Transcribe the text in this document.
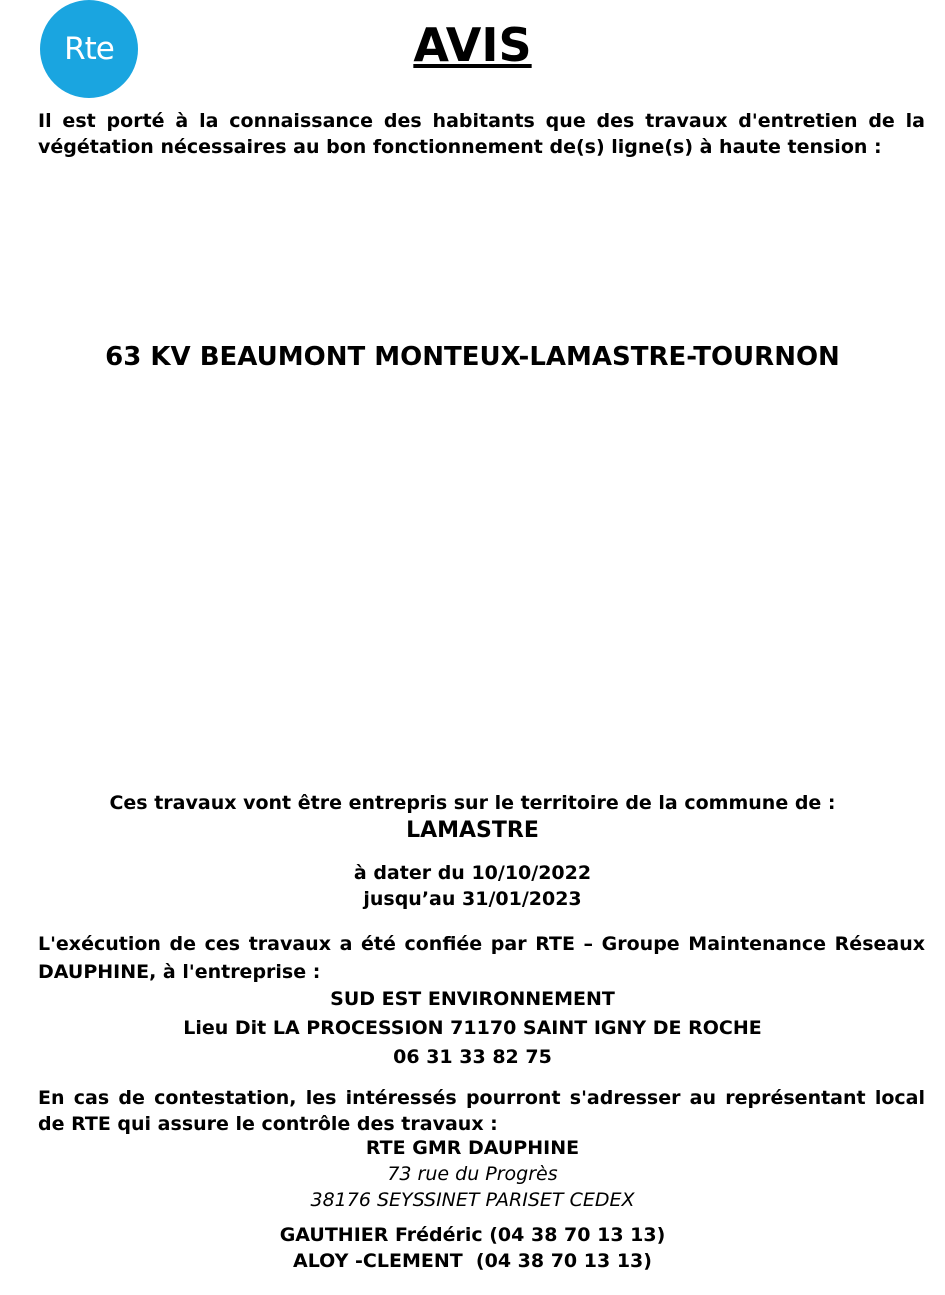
Rte	AVIS
Il est porté à la connaissance des habitants que des travaux d'entretien de la végétation nécessaires au bon fonctionnement de(s) ligne(s) à haute tension :
63 KV BEAUMONT MONTEUX-LAMASTRE-TOURNON
Ces travaux vont être entrepris sur le territoire de la commune de :
LAMASTRE
à dater du 10/10/2022
jusqu’au 31/01/2023
L'exécution de ces travaux a été confiée par RTE – Groupe Maintenance Réseaux DAUPHINE, à l'entreprise :
SUD EST ENVIRONNEMENT
Lieu Dit LA PROCESSION 71170 SAINT IGNY DE ROCHE
06 31 33 82 75
En cas de contestation, les intéressés pourront s'adresser au représentant local de RTE qui assure le contrôle des travaux :
RTE GMR DAUPHINE
73 rue du Progrès
38176 SEYSSINET PARISET CEDEX
GAUTHIER Frédéric (04 38 70 13 13)
ALOY -CLEMENT  (04 38 70 13 13)
